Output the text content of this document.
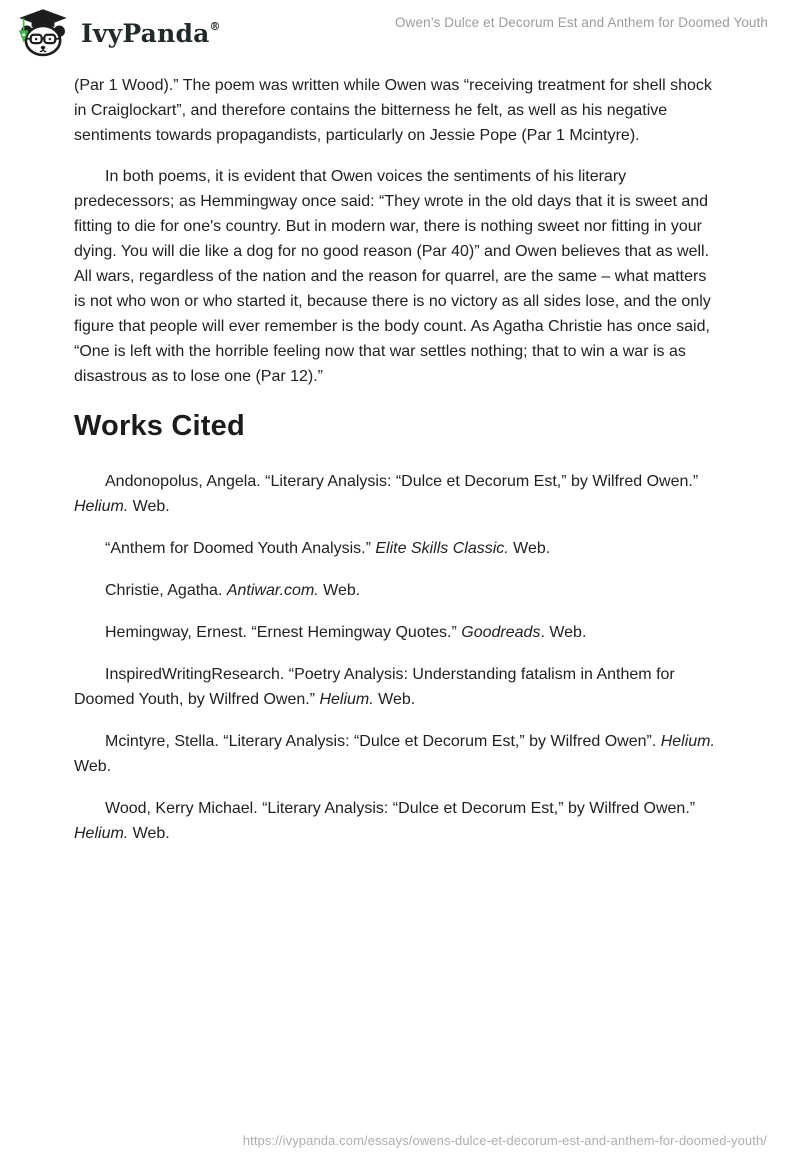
IvyPanda®	Owen’s Dulce et Decorum Est and Anthem for Doomed Youth

(Par 1 Wood).” The poem was written while Owen was “receiving treatment for shell shock in Craiglockart”, and therefore contains the bitterness he felt, as well as his negative sentiments towards propagandists, particularly on Jessie Pope (Par 1 Mcintyre).

In both poems, it is evident that Owen voices the sentiments of his literary predecessors; as Hemmingway once said: “They wrote in the old days that it is sweet and fitting to die for one's country. But in modern war, there is nothing sweet nor fitting in your dying. You will die like a dog for no good reason (Par 40)” and Owen believes that as well. All wars, regardless of the nation and the reason for quarrel, are the same – what matters is not who won or who started it, because there is no victory as all sides lose, and the only figure that people will ever remember is the body count. As Agatha Christie has once said, “One is left with the horrible feeling now that war settles nothing; that to win a war is as disastrous as to lose one (Par 12).”

Works Cited

Andonopolus, Angela. “Literary Analysis: “Dulce et Decorum Est,” by Wilfred Owen.” Helium. Web.

“Anthem for Doomed Youth Analysis.” Elite Skills Classic. Web.

Christie, Agatha. Antiwar.com. Web.

Hemingway, Ernest. “Ernest Hemingway Quotes.” Goodreads. Web.

InspiredWritingResearch. “Poetry Analysis: Understanding fatalism in Anthem for Doomed Youth, by Wilfred Owen.” Helium. Web.

Mcintyre, Stella. “Literary Analysis: “Dulce et Decorum Est,” by Wilfred Owen”. Helium. Web.

Wood, Kerry Michael. “Literary Analysis: “Dulce et Decorum Est,” by Wilfred Owen.” Helium. Web.

https://ivypanda.com/essays/owens-dulce-et-decorum-est-and-anthem-for-doomed-youth/
